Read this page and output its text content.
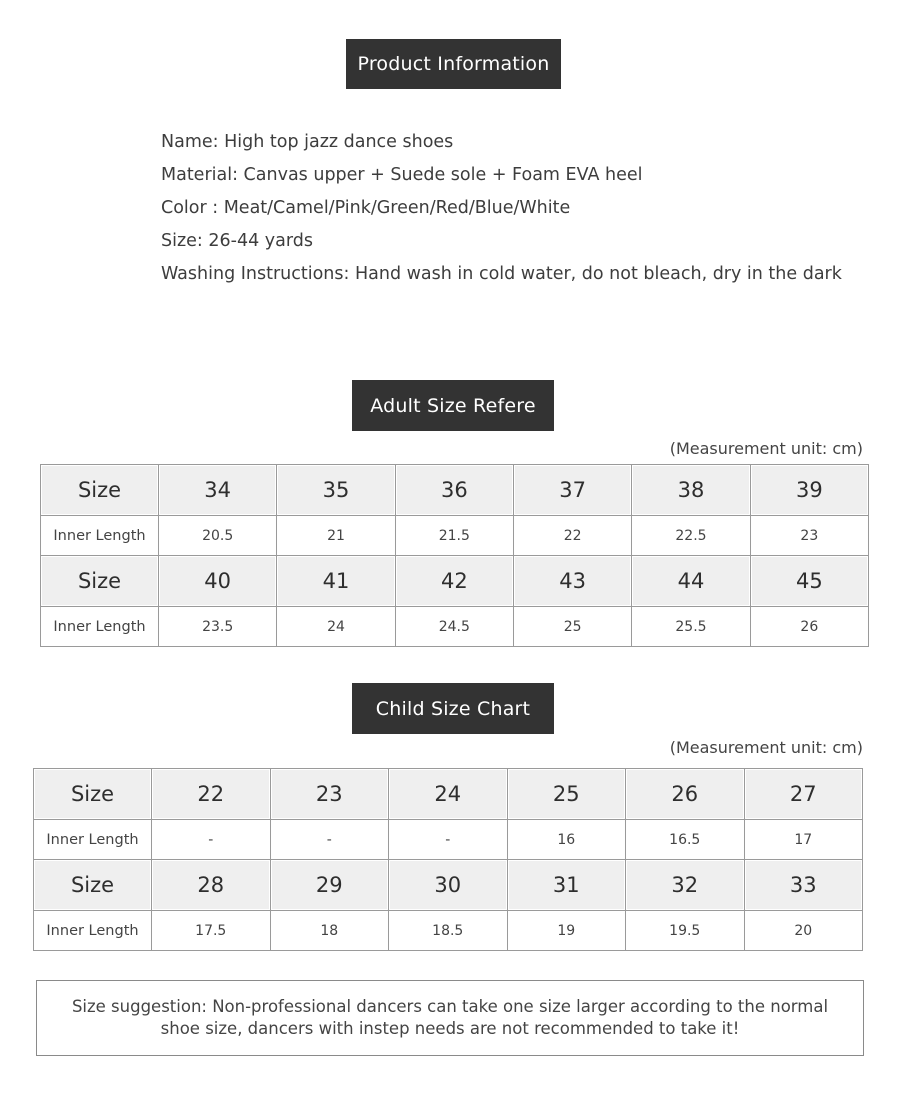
Product Information
Name: High top jazz dance shoes
Material: Canvas upper + Suede sole + Foam EVA heel
Color : Meat/Camel/Pink/Green/Red/Blue/White
Size: 26-44 yards
Washing Instructions: Hand wash in cold water, do not bleach, dry in the dark
Adult Size Refere
(Measurement unit: cm)
Size	34	35	36	37	38	39
Inner Length	20.5	21	21.5	22	22.5	23
Size	40	41	42	43	44	45
Inner Length	23.5	24	24.5	25	25.5	26
Child Size Chart
(Measurement unit: cm)
Size	22	23	24	25	26	27
Inner Length	-	-	-	16	16.5	17
Size	28	29	30	31	32	33
Inner Length	17.5	18	18.5	19	19.5	20

Size suggestion: Non-professional dancers can take one size larger according to the normal

shoe size, dancers with instep needs are not recommended to take it!
